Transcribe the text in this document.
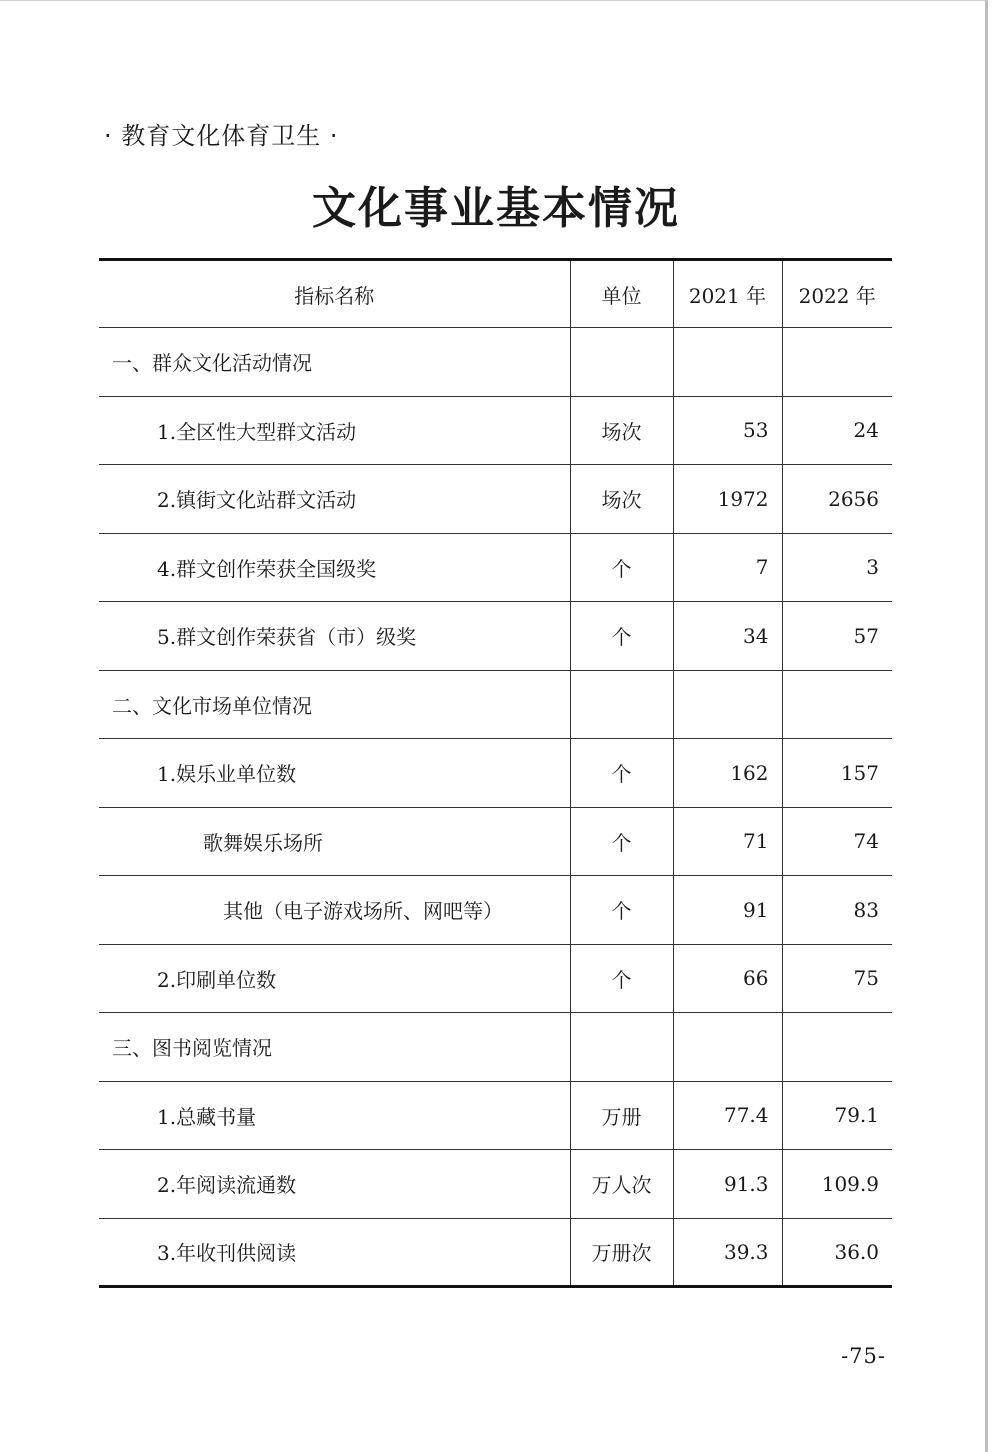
· 教育文化体育卫生 ·
文化事业基本情况
指标名称	单位	2021 年	2022 年
一、群众文化活动情况			
1.全区性大型群文活动	场次	53	24
2.镇街文化站群文活动	场次	1972	2656
4.群文创作荣获全国级奖	个	7	3
5.群文创作荣获省（市）级奖	个	34	57
二、文化市场单位情况			
1.娱乐业单位数	个	162	157
歌舞娱乐场所	个	71	74
其他（电子游戏场所、网吧等）	个	91	83
2.印刷单位数	个	66	75
三、图书阅览情况			
1.总藏书量	万册	77.4	79.1
2.年阅读流通数	万人次	91.3	109.9
3.年收刊供阅读	万册次	39.3	36.0
-75-
